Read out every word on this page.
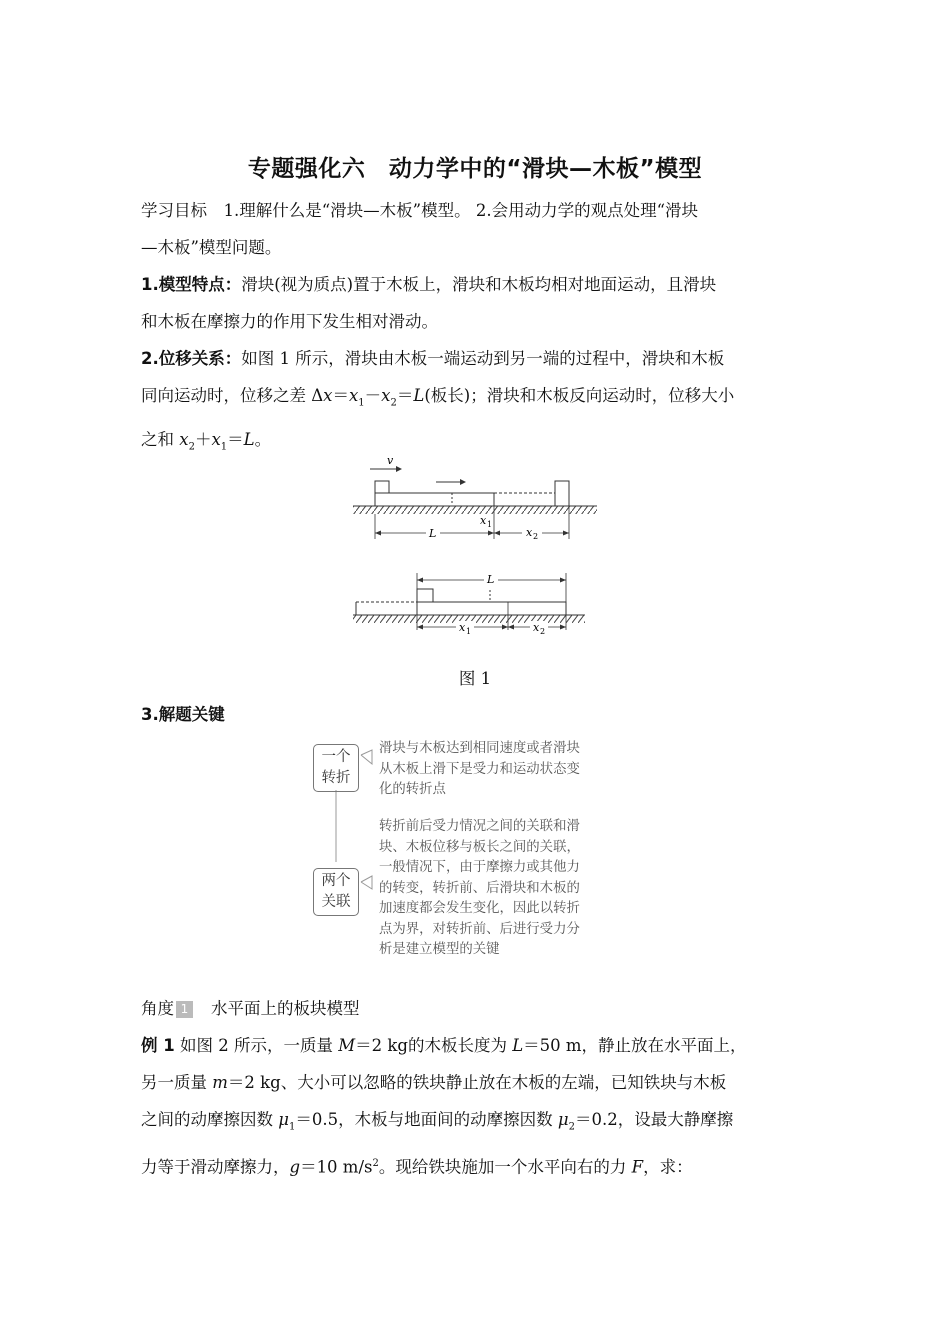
专题强化六　动力学中的“滑块—木板”模型
学习目标　1.理解什么是“滑块—木板”模型。 2.会用动力学的观点处理“滑块
—木板”模型问题。
1.模型特点：滑块(视为质点)置于木板上，滑块和木板均相对地面运动，且滑块
和木板在摩擦力的作用下发生相对滑动。
2.位移关系：如图 1 所示，滑块由木板一端运动到另一端的过程中，滑块和木板
同向运动时，位移之差 $\Delta x=x_1-x_2=L$(板长)；滑块和木板反向运动时，位移大小
之和 $x_2+x_1=L$。
v
x 1
L	x 2
L
x 1	x 2
图 1
3.解题关键
一个
转折
滑块与木板达到相同速度或者滑块
从木板上滑下是受力和运动状态变
化的转折点
两个
关联
转折前后受力情况之间的关联和滑
块、木板位移与板长之间的关联，
一般情况下，由于摩擦力或其他力
的转变，转折前、后滑块和木板的
加速度都会发生变化，因此以转折
点为界，对转折前、后进行受力分
析是建立模型的关键
角度 1 水平面上的板块模型
例 1 如图 2 所示，一质量 M＝2 kg的木板长度为 L＝50 m，静止放在水平面上，
另一质量 m＝2 kg、大小可以忽略的铁块静止放在木板的左端，已知铁块与木板
之间的动摩擦因数 $\mu_1=0.5$，木板与地面间的动摩擦因数 $\mu_2=0.2$，设最大静摩擦
力等于滑动摩擦力，g＝10 $m/s^2$。现给铁块施加一个水平向右的力 F，求：
